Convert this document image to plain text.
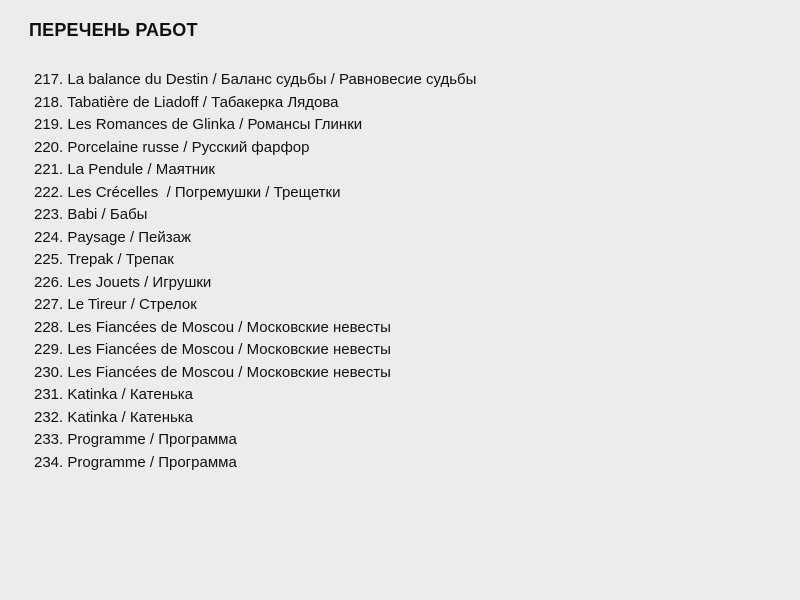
ПЕРЕЧЕНЬ РАБОТ
217. La balance du Destin / Баланс судьбы / Равновесие судьбы
218. Tabatière de Liadoff / Табакерка Лядова
219. Les Romances de Glinka / Романсы Глинки
220. Porcelaine russe / Русский фарфор
221. La Pendule / Маятник
222. Les Crécelles  / Погремушки / Трещетки
223. Babi / Бабы
224. Paysage / Пейзаж
225. Trepak / Трепак
226. Les Jouets / Игрушки
227. Le Tireur / Стрелок
228. Les Fiancées de Moscou / Московские невесты
229. Les Fiancées de Moscou / Московские невесты
230. Les Fiancées de Moscou / Московские невесты
231. Katinka / Катенька
232. Katinka / Катенька
233. Programme / Программа
234. Programme / Программа
